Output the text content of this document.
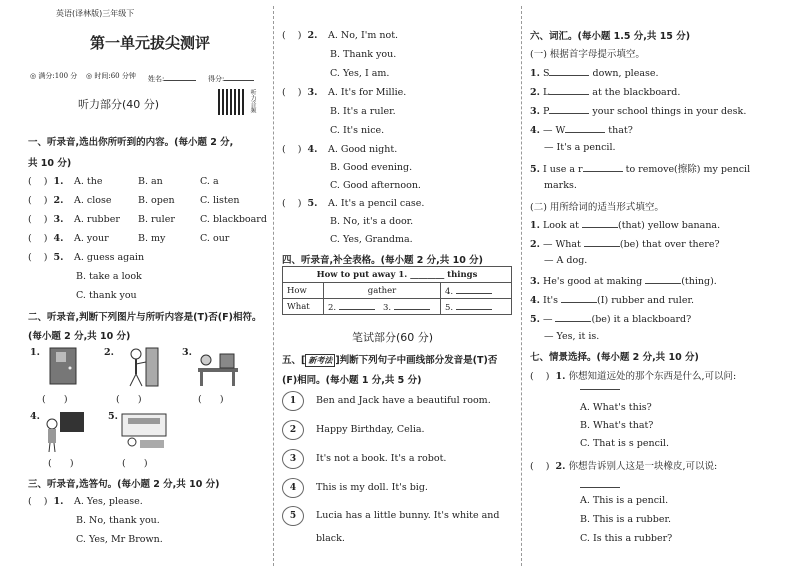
英语(译林版)三年级下
第一单元拔尖测评
◎ 满分:100 分 ◎ 时间:60 分钟 姓名:	得分:
听力部分(40 分)	听力音频
一、听录音,选出你所听到的内容。(每小题 2 分,
共 10 分)
(    )  1. A. the	B. an	C. a
(    )  2. A. close	B. open	C. listen
(    )  3. A. rubber B. ruler	C. blackboard
(    )  4. A. your	B. my	C. our
(    )  5. A. guess again
B. take a look
C. thank you
二、听录音,判断下列图片与所听内容是(T)否(F)相符。
(每小题 2 分,共 10 分)
1.
(      )
2.
(      )
3.
(      )
4.
(      )
5.
(      )
三、听录音,选答句。(每小题 2 分,共 10 分)
(    )  1. A. Yes, please.
B. No, thank you.
C. Yes, Mr Brown.
(    )  2. A. No, I'm not.
B. Thank you.
C. Yes, I am.
(    )  3. A. It's for Millie.
B. It's a ruler.
C. It's nice.
(    )  4. A. Good night.
B. Good evening.
C. Good afternoon.
(    )  5. A. It's a pencil case.
B. No, it's a door.
C. Yes, Grandma.
四、听录音,补全表格。(每小题 2 分,共 10 分)
How to put away 1. ________ things		
How	gather	4.
What	2. 3.	5.
笔试部分(60 分)
五、[ 新考法 ]判断下列句子中画线部分发音是(T)否
(F)相同。(每小题 1 分,共 5 分)
1	Ben and Jack have a beautiful room.
2	Happy Birthday, Celia.
3	It's not a book. It's a robot.
4	This is my doll. It's big.
5	Lucia has a little bunny. It's white and
black.
六、词汇。(每小题 1.5 分,共 15 分)
(一) 根据首字母提示填空。
1. S	down, please.
2. L	at the blackboard.
3. P	your school things in your desk.
4. — W	that?
— It's a pencil.
5. I use a r	to remove(擦除) my pencil
marks.
(二) 用所给词的适当形式填空。
1. Look at	(that) yellow banana.
2. — What	(be) that over there?
— A dog.
3. He's good at making	(thing).
4. It's	(I) rubber and ruler.
5. —	(be) it a blackboard?
— Yes, it is.
七、情景选择。(每小题 2 分,共 10 分)
(    )  1. 你想知道远处的那个东西是什么,可以问:
A. What's this?
B. What's that?
C. That is s pencil.
(    )  2. 你想告诉别人这是一块橡皮,可以说:
A. This is a pencil.
B. This is a rubber.
C. Is this a rubber?
